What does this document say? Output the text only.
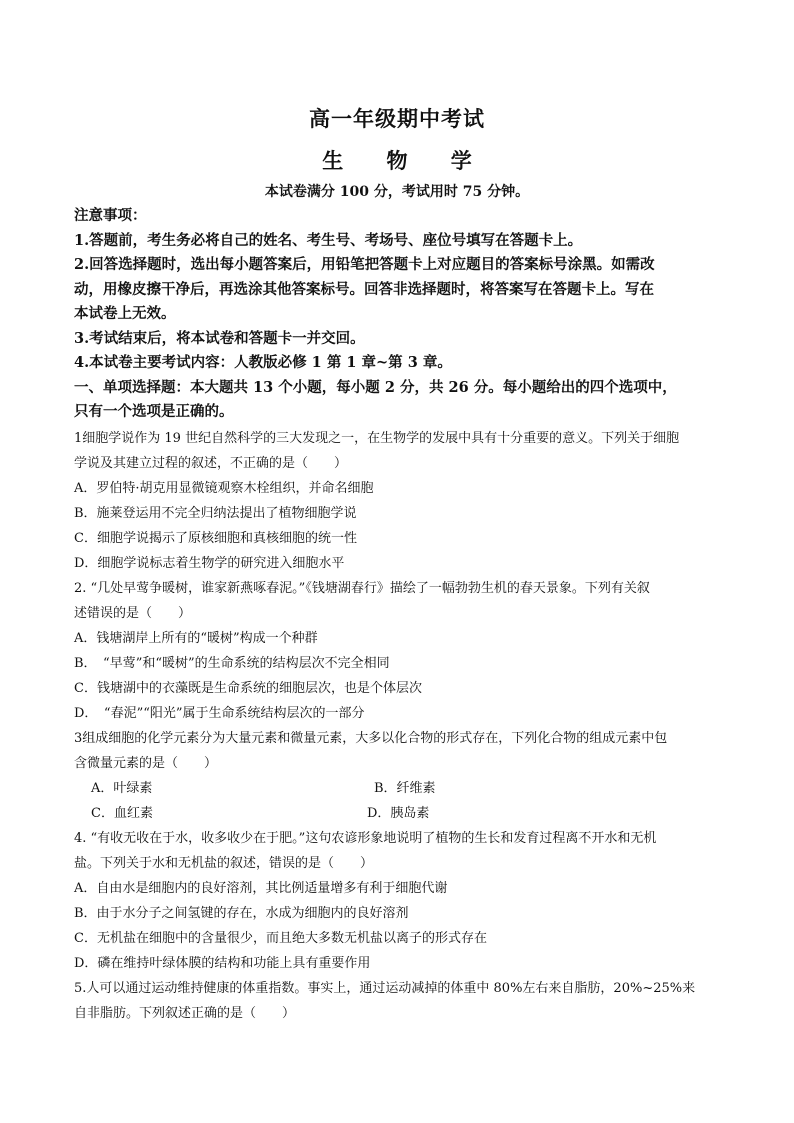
高一年级期中考试
生 物 学
本试卷满分 100 分，考试用时 75 分钟。
注意事项：
1.答题前，考生务必将自己的姓名、考生号、考场号、座位号填写在答题卡上。
2.回答选择题时，选出每小题答案后，用铅笔把答题卡上对应题目的答案标号涂黑。如需改
动，用橡皮擦干净后，再选涂其他答案标号。回答非选择题时，将答案写在答题卡上。写在
本试卷上无效。
3.考试结束后，将本试卷和答题卡一并交回。
4.本试卷主要考试内容：人教版必修 1 第 1 章~第 3 章。
一、单项选择题：本大题共 13 个小题，每小题 2 分，共 26 分。每小题给出的四个选项中，
只有一个选项是正确的。
1细胞学说作为 19 世纪自然科学的三大发现之一，在生物学的发展中具有十分重要的意义。下列关于细胞
学说及其建立过程的叙述，不正确的是（　　）
A．罗伯特·胡克用显微镜观察木栓组织，并命名细胞
B．施莱登运用不完全归纳法提出了植物细胞学说
C．细胞学说揭示了原核细胞和真核细胞的统一性
D．细胞学说标志着生物学的研究进入细胞水平
2. “几处早莺争暖树，谁家新燕啄春泥。”《钱塘湖春行》描绘了一幅勃勃生机的春天景象。下列有关叙
述错误的是（　　）
A．钱塘湖岸上所有的“暖树”构成一个种群
B．　“早莺”和“暖树”的生命系统的结构层次不完全相同
C．钱塘湖中的衣藻既是生命系统的细胞层次，也是个体层次
D．　“春泥”“阳光”属于生命系统结构层次的一部分
3组成细胞的化学元素分为大量元素和微量元素，大多以化合物的形式存在，下列化合物的组成元素中包
含微量元素的是（　　）
A．叶绿素	B．纤维素
C．血红素	D．胰岛素
4. “有收无收在于水，收多收少在于肥。”这句农谚形象地说明了植物的生长和发育过程离不开水和无机
盐。下列关于水和无机盐的叙述，错误的是（　　）
A．自由水是细胞内的良好溶剂，其比例适量增多有利于细胞代谢
B．由于水分子之间氢键的存在，水成为细胞内的良好溶剂
C．无机盐在细胞中的含量很少，而且绝大多数无机盐以离子的形式存在
D．磷在维持叶绿体膜的结构和功能上具有重要作用
5.人可以通过运动维持健康的体重指数。事实上，通过运动减掉的体重中 80%左右来自脂肪，20%~25%来
自非脂肪。下列叙述正确的是（　　）
